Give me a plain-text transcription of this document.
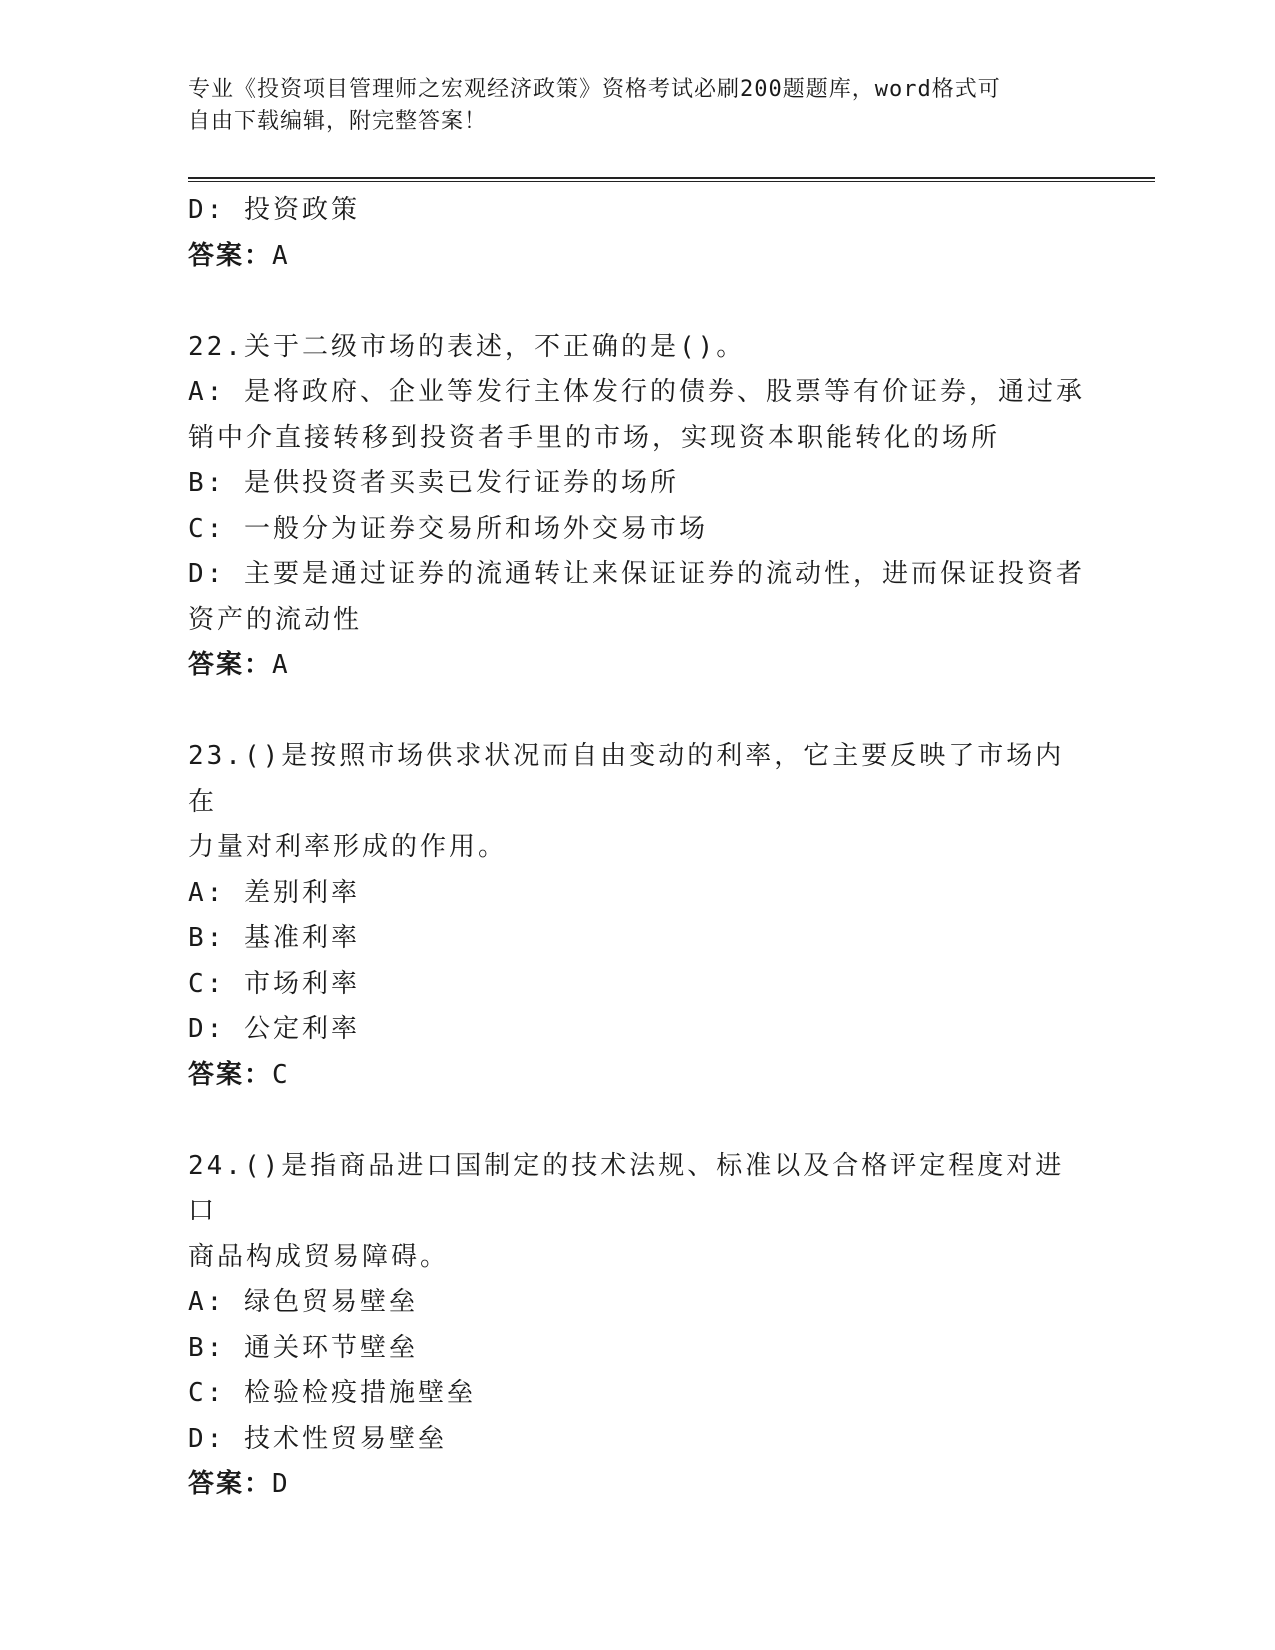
专业《投资项目管理师之宏观经济政策》资格考试必刷200题题库，word格式可
自由下载编辑，附完整答案！
D: 投资政策
答案：A
22.关于二级市场的表述，不正确的是()。
A: 是将政府、企业等发行主体发行的债券、股票等有价证券，通过承
销中介直接转移到投资者手里的市场，实现资本职能转化的场所
B: 是供投资者买卖已发行证券的场所
C: 一般分为证券交易所和场外交易市场
D: 主要是通过证券的流通转让来保证证券的流动性，进而保证投资者
资产的流动性
答案：A
23.()是按照市场供求状况而自由变动的利率，它主要反映了市场内在
力量对利率形成的作用。
A: 差别利率
B: 基准利率
C: 市场利率
D: 公定利率
答案：C
24.()是指商品进口国制定的技术法规、标准以及合格评定程度对进口
商品构成贸易障碍。
A: 绿色贸易壁垒
B: 通关环节壁垒
C: 检验检疫措施壁垒
D: 技术性贸易壁垒
答案：D
